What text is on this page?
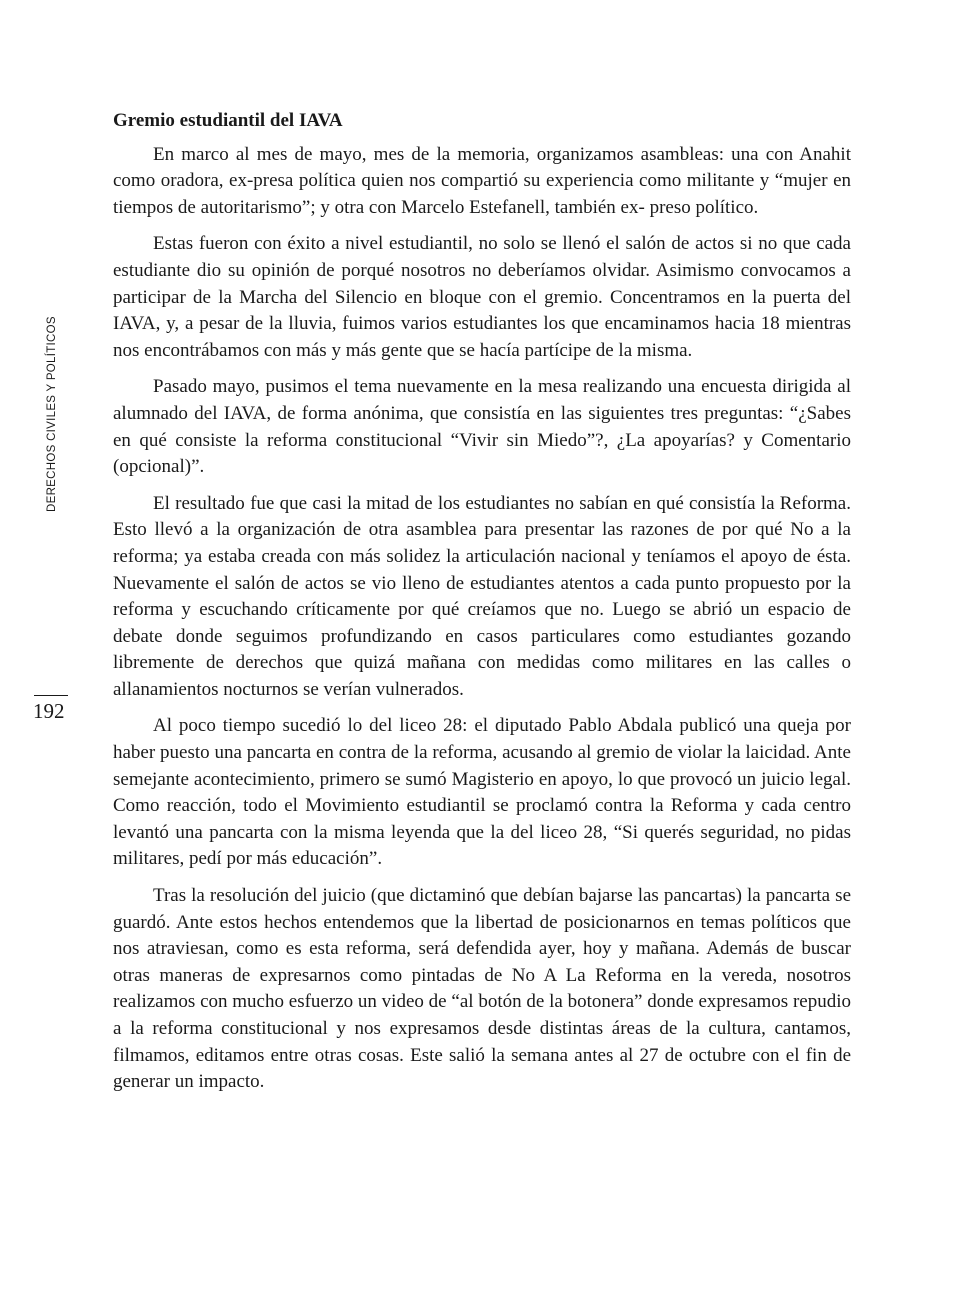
DERECHOS CIVILES Y POLÍTICOS
192
Gremio estudiantil del IAVA

En marco al mes de mayo, mes de la memoria, organizamos asambleas: una con Anahit como oradora, ex-presa política quien nos compartió su experiencia como militante y “mujer en tiempos de autoritarismo”; y otra con Marcelo Estefanell, también ex- preso político.

Estas fueron con éxito a nivel estudiantil, no solo se llenó el salón de actos si no que cada estudiante dio su opinión de porqué nosotros no deberíamos olvidar. Asimismo convocamos a participar de la Marcha del Silencio en bloque con el gremio. Concentramos en la puerta del IAVA, y, a pesar de la lluvia, fuimos varios estudiantes los que encaminamos hacia 18 mientras nos encontrábamos con más y más gente que se hacía partícipe de la misma.

Pasado mayo, pusimos el tema nuevamente en la mesa realizando una encuesta dirigida al alumnado del IAVA, de forma anónima, que consistía en las siguientes tres preguntas: “¿Sabes en qué consiste la reforma constitucional “Vivir sin Miedo”?, ¿La apoyarías? y Comentario (opcional)”.

El resultado fue que casi la mitad de los estudiantes no sabían en qué consistía la Reforma. Esto llevó a la organización de otra asamblea para presentar las razones de por qué No a la reforma; ya estaba creada con más solidez la articulación nacional y teníamos el apoyo de ésta. Nuevamente el salón de actos se vio lleno de estudiantes atentos a cada punto propuesto por la reforma y escuchando críticamente por qué creíamos que no. Luego se abrió un espacio de debate donde seguimos profundizando en casos particulares como estudiantes gozando libremente de derechos que quizá mañana con medidas como militares en las calles o allanamientos nocturnos se verían vulnerados.

Al poco tiempo sucedió lo del liceo 28: el diputado Pablo Abdala publicó una queja por haber puesto una pancarta en contra de la reforma, acusando al gremio de violar la laicidad. Ante semejante acontecimiento, primero se sumó Magisterio en apoyo, lo que provocó un juicio legal. Como reacción, todo el Movimiento estudiantil se proclamó contra la Reforma y cada centro levantó una pancarta con la misma leyenda que la del liceo 28, “Si querés seguridad, no pidas militares, pedí por más educación”.

Tras la resolución del juicio (que dictaminó que debían bajarse las pancartas) la pancarta se guardó. Ante estos hechos entendemos que la libertad de posicionarnos en temas políticos que nos atraviesan, como es esta reforma, será defendida ayer, hoy y mañana. Además de buscar otras maneras de expresarnos como pintadas de No A La Reforma en la vereda, nosotros realizamos con mucho esfuerzo un video de “al botón de la botonera” donde expresamos repudio a la reforma constitucional y nos expresamos desde distintas áreas de la cultura, cantamos, filmamos, editamos entre otras cosas. Este salió la semana antes al 27 de octubre con el fin de generar un impacto.
